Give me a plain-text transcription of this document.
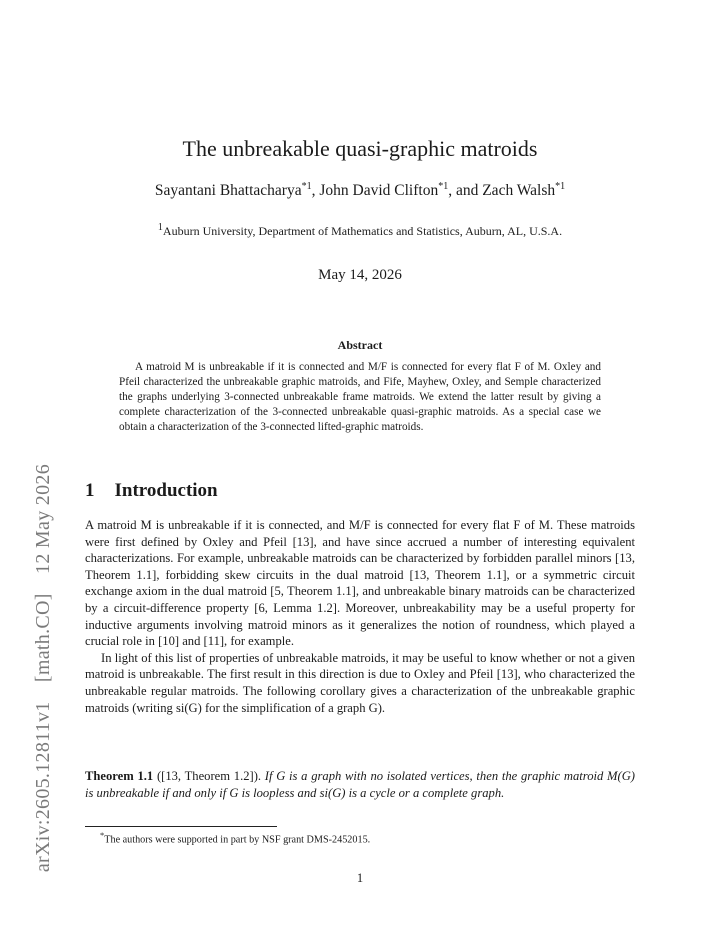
arXiv:2605.12811v1 [math.CO] 12 May 2026
The unbreakable quasi-graphic matroids
Sayantani Bhattacharya$^{*1}$, John David Clifton$^{*1}$, and Zach Walsh$^{*1}$
$^1$Auburn University, Department of Mathematics and Statistics, Auburn, AL, U.S.A.
May 14, 2026
Abstract
A matroid M is unbreakable if it is connected and M/F is connected for every flat F of M. Oxley and Pfeil characterized the unbreakable graphic matroids, and Fife, Mayhew, Oxley, and Semple characterized the graphs underlying 3-connected unbreakable frame matroids. We extend the latter result by giving a complete characterization of the 3-connected unbreakable quasi-graphic matroids. As a special case we obtain a characterization of the 3-connected lifted-graphic matroids.
1 Introduction

A matroid M is unbreakable if it is connected, and M/F is connected for every flat F of M. These matroids were first defined by Oxley and Pfeil [13], and have since accrued a number of interesting equivalent characterizations. For example, unbreakable matroids can be characterized by forbidden parallel minors [13, Theorem 1.1], forbidding skew circuits in the dual matroid [13, Theorem 1.1], or a symmetric circuit exchange axiom in the dual matroid [5, Theorem 1.1], and unbreakable binary matroids can be characterized by a circuit-difference property [6, Lemma 1.2]. Moreover, unbreakability may be a useful property for inductive arguments involving matroid minors as it generalizes the notion of roundness, which played a crucial role in [10] and [11], for example.

In light of this list of properties of unbreakable matroids, it may be useful to know whether or not a given matroid is unbreakable. The first result in this direction is due to Oxley and Pfeil [13], who characterized the unbreakable regular matroids. The following corollary gives a characterization of the unbreakable graphic matroids (writing si(G) for the simplification of a graph G).

Theorem 1.1 ([13, Theorem 1.2]). If G is a graph with no isolated vertices, then the graphic matroid M(G) is unbreakable if and only if G is loopless and si(G) is a cycle or a complete graph.
*The authors were supported in part by NSF grant DMS-2452015.
1
